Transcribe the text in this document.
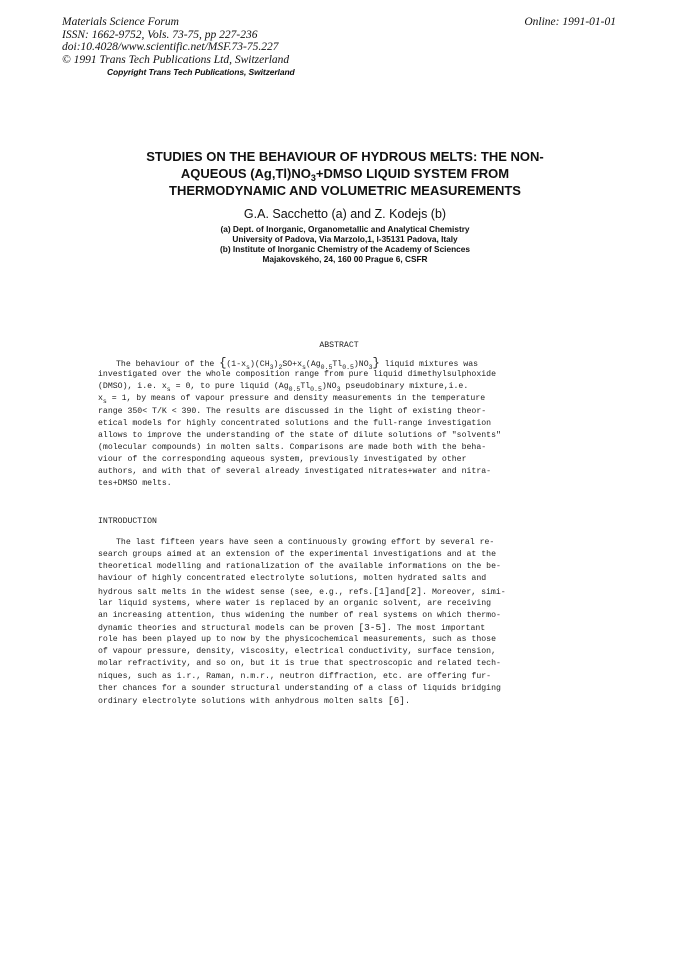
Materials Science Forum
ISSN: 1662-9752, Vols. 73-75, pp 227-236
doi:10.4028/www.scientific.net/MSF.73-75.227
© 1991 Trans Tech Publications Ltd, Switzerland
Online: 1991-01-01
Copyright Trans Tech Publications, Switzerland
STUDIES ON THE BEHAVIOUR OF HYDROUS MELTS: THE NON-
AQUEOUS $(Ag,Tl)NO_3+DMSO$ LIQUID SYSTEM FROM
THERMODYNAMIC AND VOLUMETRIC MEASUREMENTS
G.A. Sacchetto (a) and Z. Kodejs (b)
(a) Dept. of Inorganic, Organometallic and Analytical Chemistry
University of Padova, Via Marzolo,1, I-35131 Padova, Italy
(b) Institute of Inorganic Chemistry of the Academy of Sciences
Majakovského, 24, 160 00 Prague 6, CSFR
ABSTRACT
The behaviour of the $\{(1-x_s)(CH_3)_2SO+x_s(Ag_{0.5}Tl_{0.5})NO_3\}$ liquid mixtures was
investigated over the whole composition range from pure liquid dimethylsulphoxide
(DMSO), i.e. $x_s = 0$, to pure liquid $(Ag_{0.5}Tl_{0.5})NO_3$ pseudobinary mixture,i.e.
$x_s = 1$, by means of vapour pressure and density measurements in the temperature
range 350< T/K < 390. The results are discussed in the light of existing theor-
etical models for highly concentrated solutions and the full-range investigation
allows to improve the understanding of the state of dilute solutions of "solvents"
(molecular compounds) in molten salts. Comparisons are made both with the beha-
viour of the corresponding aqueous system, previously investigated by other
authors, and with that of several already investigated nitrates+water and nitra-
tes+DMSO melts.
INTRODUCTION
The last fifteen years have seen a continuously growing effort by several re-
search groups aimed at an extension of the experimental investigations and at the
theoretical modelling and rationalization of the available informations on the be-
haviour of highly concentrated electrolyte solutions, molten hydrated salts and
hydrous salt melts in the widest sense (see, e.g., refs.[1]and[2]. Moreover, simi-
lar liquid systems, where water is replaced by an organic solvent, are receiving
an increasing attention, thus widening the number of real systems on which thermo-
dynamic theories and structural models can be proven [3-5]. The most important
role has been played up to now by the physicochemical measurements, such as those
of vapour pressure, density, viscosity, electrical conductivity, surface tension,
molar refractivity, and so on, but it is true that spectroscopic and related tech-
niques, such as i.r., Raman, n.m.r., neutron diffraction, etc. are offering fur-
ther chances for a sounder structural understanding of a class of liquids bridging
ordinary electrolyte solutions with anhydrous molten salts [6].
